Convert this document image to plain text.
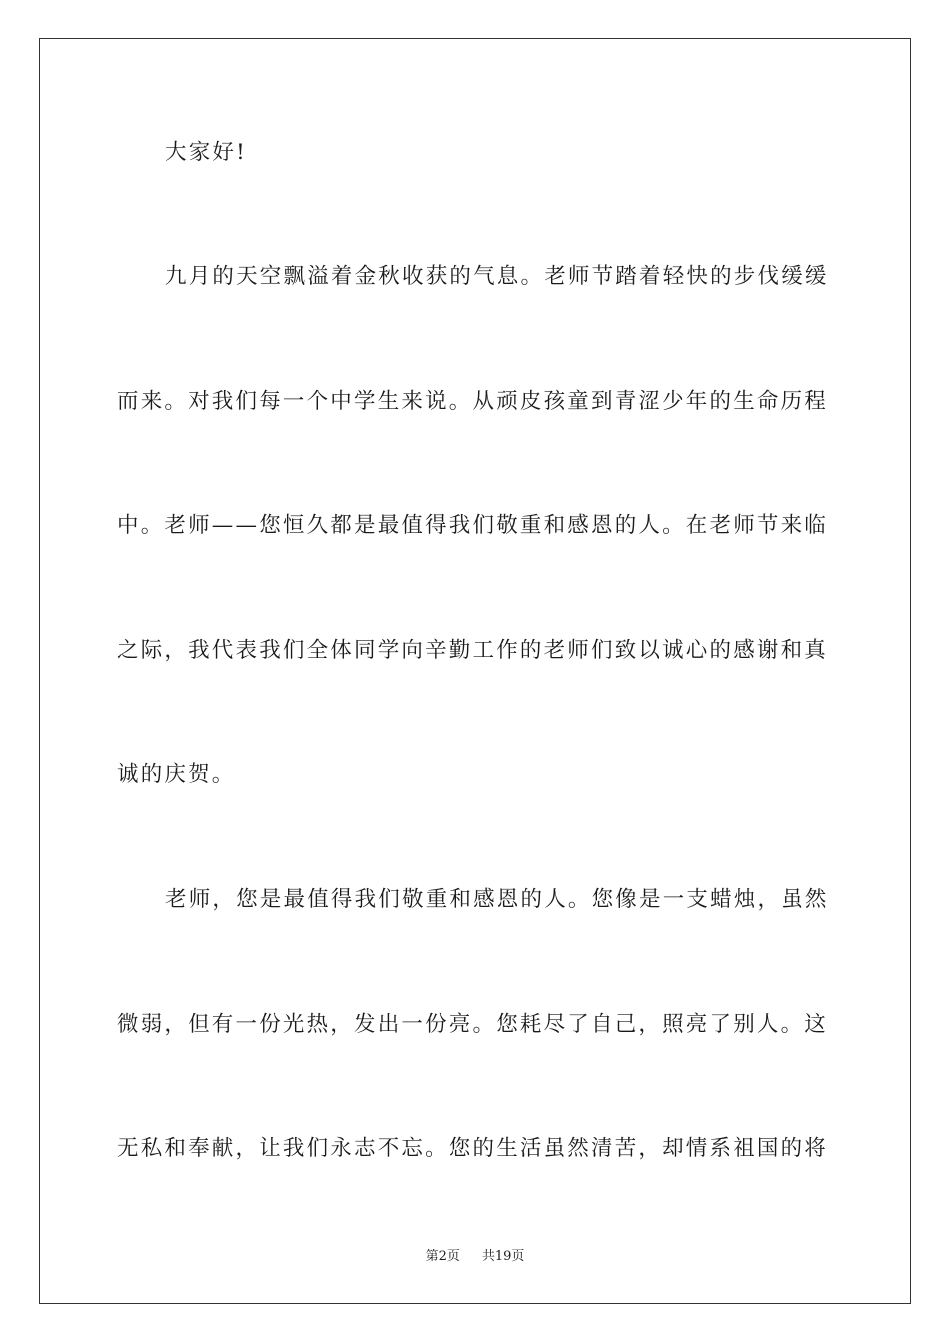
大家好!
九月的天空飘溢着金秋收获的气息。老师节踏着轻快的步伐缓缓
而来。对我们每一个中学生来说。从顽皮孩童到青涩少年的生命历程
中。老师——您恒久都是最值得我们敬重和感恩的人。在老师节来临
之际，我代表我们全体同学向辛勤工作的老师们致以诚心的感谢和真
诚的庆贺。
老师，您是最值得我们敬重和感恩的人。您像是一支蜡烛，虽然
微弱，但有一份光热，发出一份亮。您耗尽了自己，照亮了别人。这
无私和奉献，让我们永志不忘。您的生活虽然清苦，却情系祖国的将
第2页 共19页
